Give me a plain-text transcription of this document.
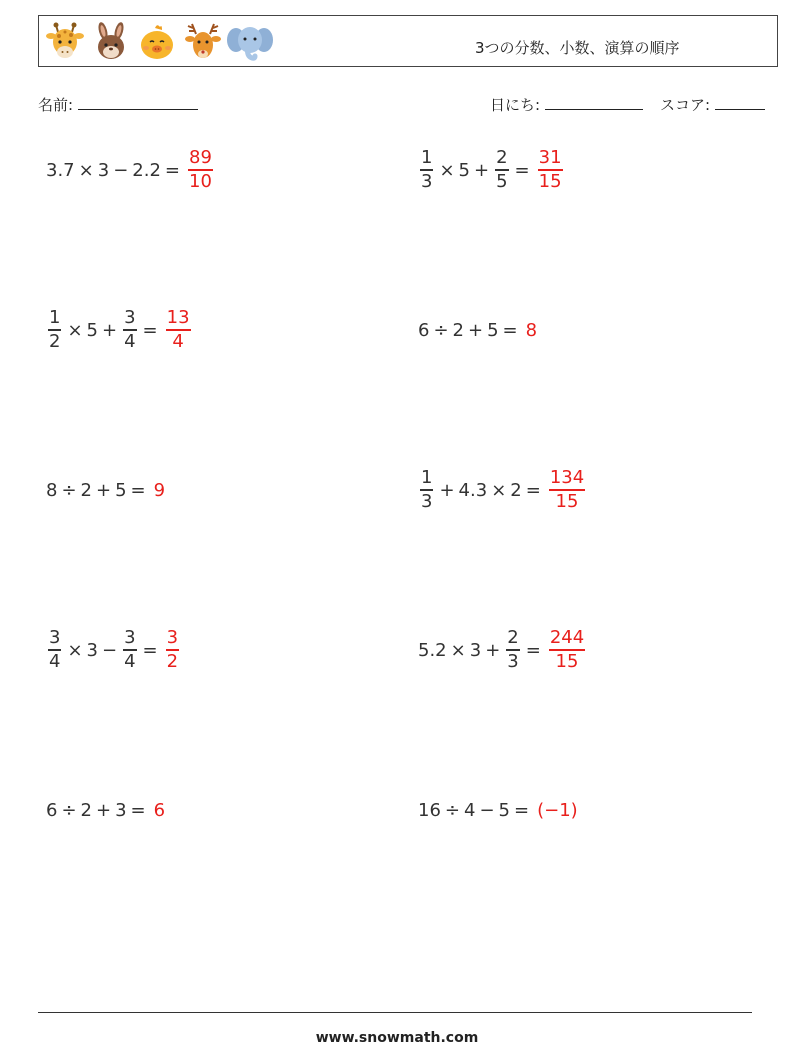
3つの分数、小数、演算の順序
名前:	日にち:	スコア:
$3.7 \times 3 - 2.2 = \frac{89}{10}$	$\frac{1}{3} \times 5 + \frac{2}{5} = \frac{31}{15}$
$\frac{1}{2} \times 5 + \frac{3}{4} = \frac{13}{4}$	6 ÷ 2 + 5 = 8
8 ÷ 2 + 5 = 9	$\frac{1}{3} + 4.3 \times 2 = \frac{134}{15}$
$\frac{3}{4} \times 3 - \frac{3}{4} = \frac{3}{2}$	$5.2 \times 3 + \frac{2}{3} = \frac{244}{15}$
6 ÷ 2 + 3 = 6	16 ÷ 4 − 5 = (−1)
www.snowmath.com
